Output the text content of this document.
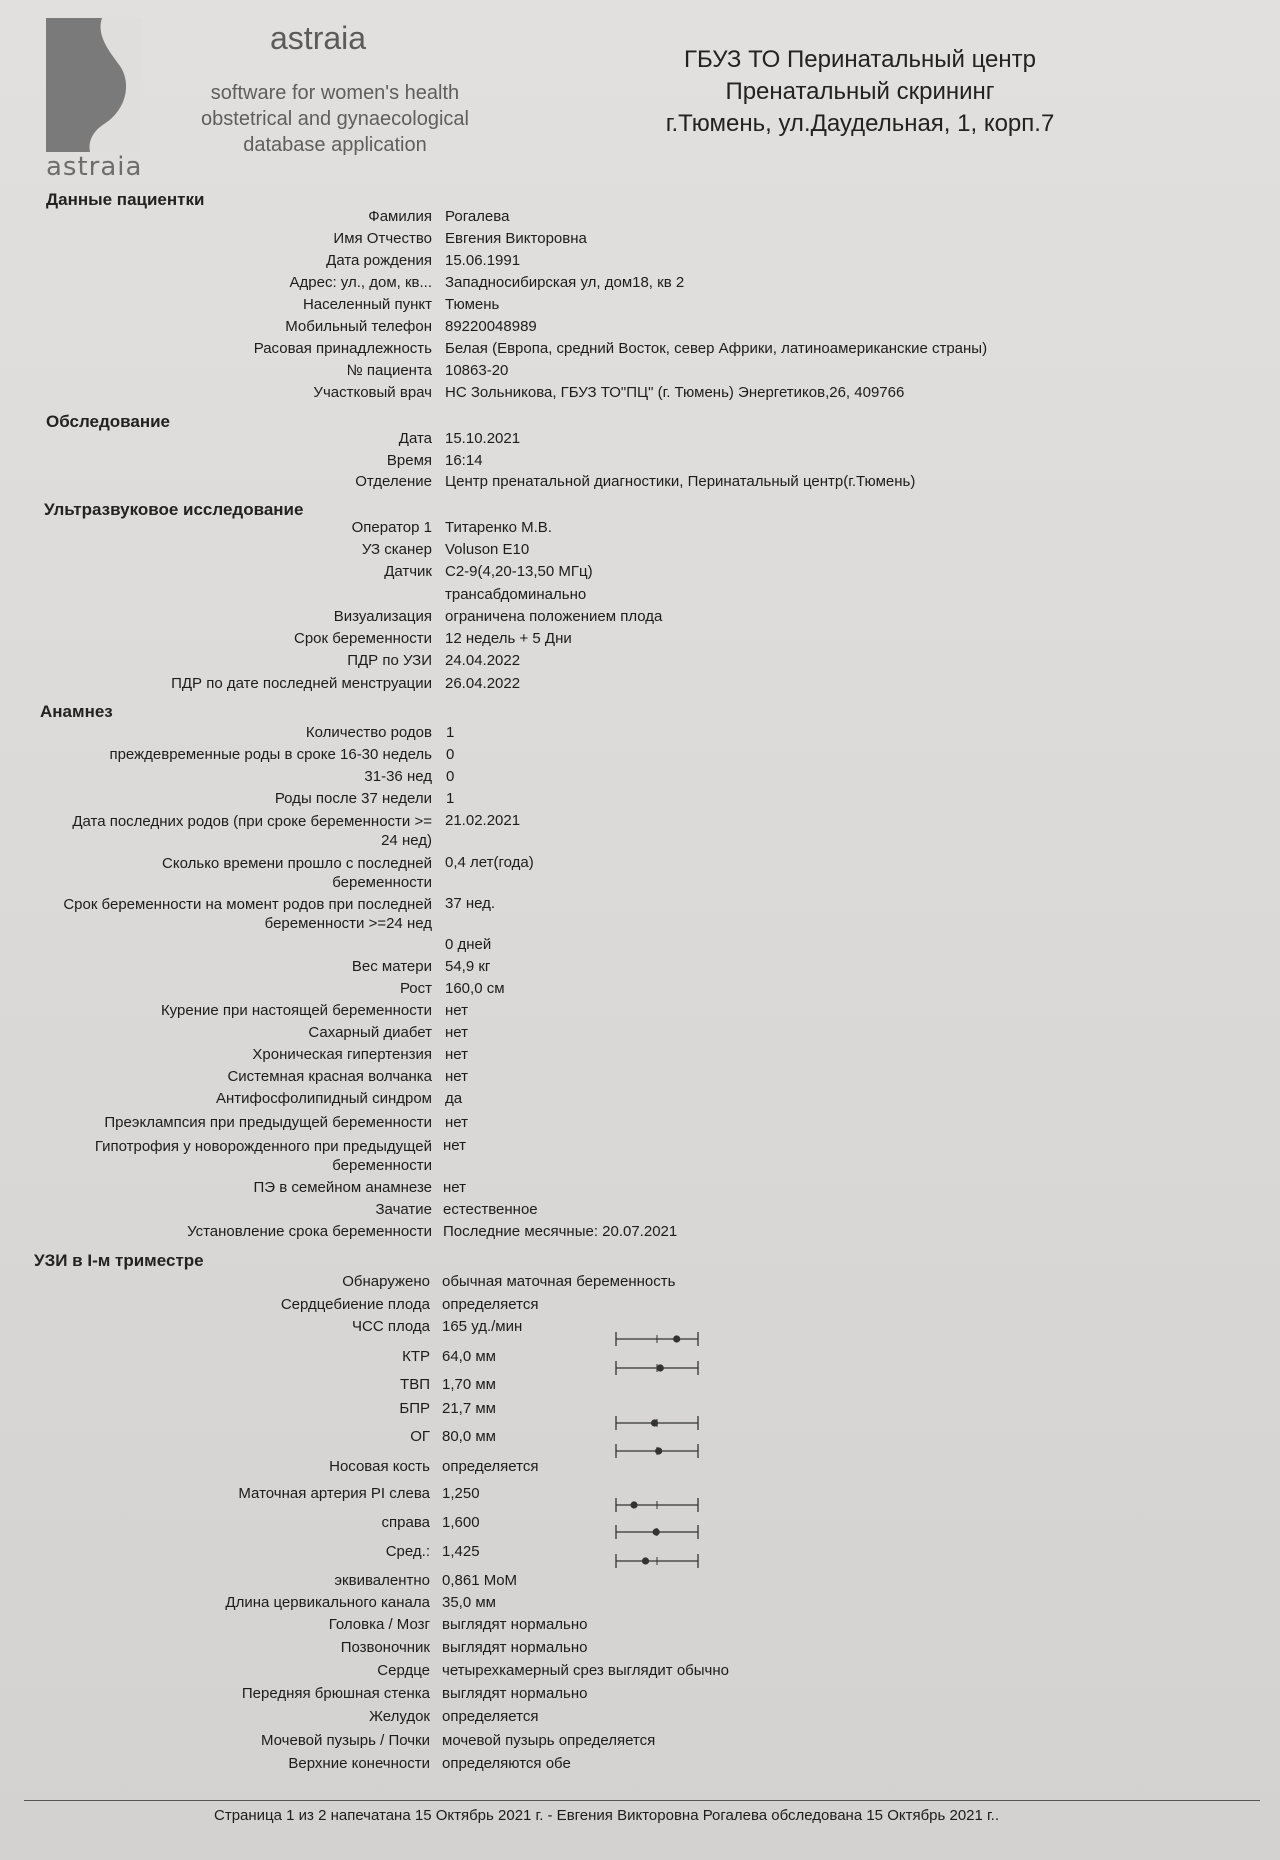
astraia
astraia
software for women's health
obstetrical and gynaecological
database application
ГБУЗ ТО Перинатальный центр
Пренатальный скрининг
г.Тюмень, ул.Даудельная, 1, корп.7
Данные пациентки
Обследование
Ультразвуковое исследование
Анамнез
УЗИ в I-м триместре
Фамилия Рогалева
Имя Отчество Евгения Викторовна
Дата рождения 15.06.1991
Адрес: ул., дом, кв... Западносибирская ул, дом18, кв 2
Населенный пункт Тюмень
Мобильный телефон 89220048989
Расовая принадлежность Белая (Европа, средний Восток, север Африки, латиноамериканские страны)
№ пациента 10863-20
Участковый врач НС Зольникова, ГБУЗ ТО"ПЦ" (г. Тюмень) Энергетиков,26, 409766
Дата 15.10.2021
Время 16:14
Отделение Центр пренатальной диагностики, Перинатальный центр(г.Тюмень)
Оператор 1 Титаренко М.В.
УЗ сканер Voluson E10
Датчик C2-9(4,20-13,50 МГц)
трансабдоминально
Визуализация ограничена положением плода
Срок беременности 12 недель + 5 Дни
ПДР по УЗИ 24.04.2022
ПДР по дате последней менструации 26.04.2022
Вес матери 54,9 кг
Рост 160,0 см
Курение при настоящей беременности нет
Сахарный диабет нет
Хроническая гипертензия нет
Системная красная волчанка нет
Антифосфолипидный синдром да
Преэклампсия при предыдущей беременности нет
ПЭ в семейном анамнезе нет
Зачатие естественное
Установление срока беременности Последние месячные: 20.07.2021
Обнаружено обычная маточная беременность
Сердцебиение плода определяется
ЧСС плода 165 уд./мин
КТР 64,0 мм
ТВП 1,70 мм
БПР 21,7 мм
ОГ 80,0 мм
Носовая кость определяется
Маточная артерия PI слева 1,250
справа 1,600
Сред.: 1,425
эквивалентно 0,861 MoM
Длина цервикального канала 35,0 мм
Головка / Мозг выглядят нормально
Позвоночник выглядят нормально
Сердце четырехкамерный срез выглядит обычно
Передняя брюшная стенка выглядят нормально
Желудок определяется
Мочевой пузырь / Почки мочевой пузырь определяется
Верхние конечности определяются обе
Количество родов 1
преждевременные роды в сроке 16-30 недель 0
31-36 нед 0
Роды после 37 недели 1
Дата последних родов (при сроке беременности >=
24 нед)
21.02.2021
Сколько времени прошло с последней
беременности
0,4 лет(года)
Срок беременности на момент родов при последней
беременности >=24 нед
37 нед.
0 дней
Гипотрофия у новорожденного при предыдущей
беременности
нет
Страница 1 из 2 напечатана 15 Октябрь 2021 г. - Евгения Викторовна Рогалева обследована 15 Октябрь 2021 г..
